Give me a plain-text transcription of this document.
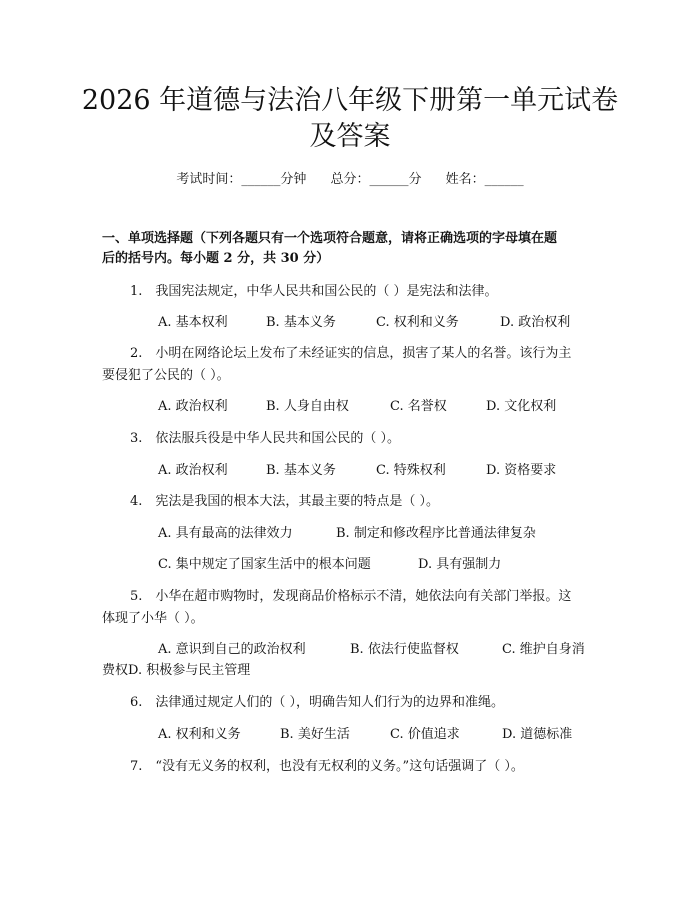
2026 年道德与法治八年级下册第一单元试卷
及答案
考试时间：______分钟 总分：______分 姓名：______
一、单项选择题（下列各题只有一个选项符合题意，请将正确选项的字母填在题
后的括号内。每小题 2 分，共 30 分）
1.　我国宪法规定，中华人民共和国公民的（ ）是宪法和法律。
A. 基本权利	B. 基本义务	C. 权利和义务	D. 政治权利
2.　小明在网络论坛上发布了未经证实的信息，损害了某人的名誉。该行为主
要侵犯了公民的（ ）。
A. 政治权利	B. 人身自由权	C. 名誉权	D. 文化权利
3.　依法服兵役是中华人民共和国公民的（ ）。
A. 政治权利	B. 基本义务	C. 特殊权利	D. 资格要求
4.　宪法是我国的根本大法，其最主要的特点是（ ）。
A. 具有最高的法律效力	B. 制定和修改程序比普通法律复杂
C. 集中规定了国家生活中的根本问题	D. 具有强制力
5.　小华在超市购物时，发现商品价格标示不清，她依法向有关部门举报。这
体现了小华（ ）。
A. 意识到自己的政治权利	B. 依法行使监督权	C. 维护自身消
费权D. 积极参与民主管理
6.　法律通过规定人们的（ ），明确告知人们行为的边界和准绳。
A. 权利和义务	B. 美好生活	C. 价值追求	D. 道德标准
7.　“没有无义务的权利，也没有无权利的义务。”这句话强调了（ ）。
